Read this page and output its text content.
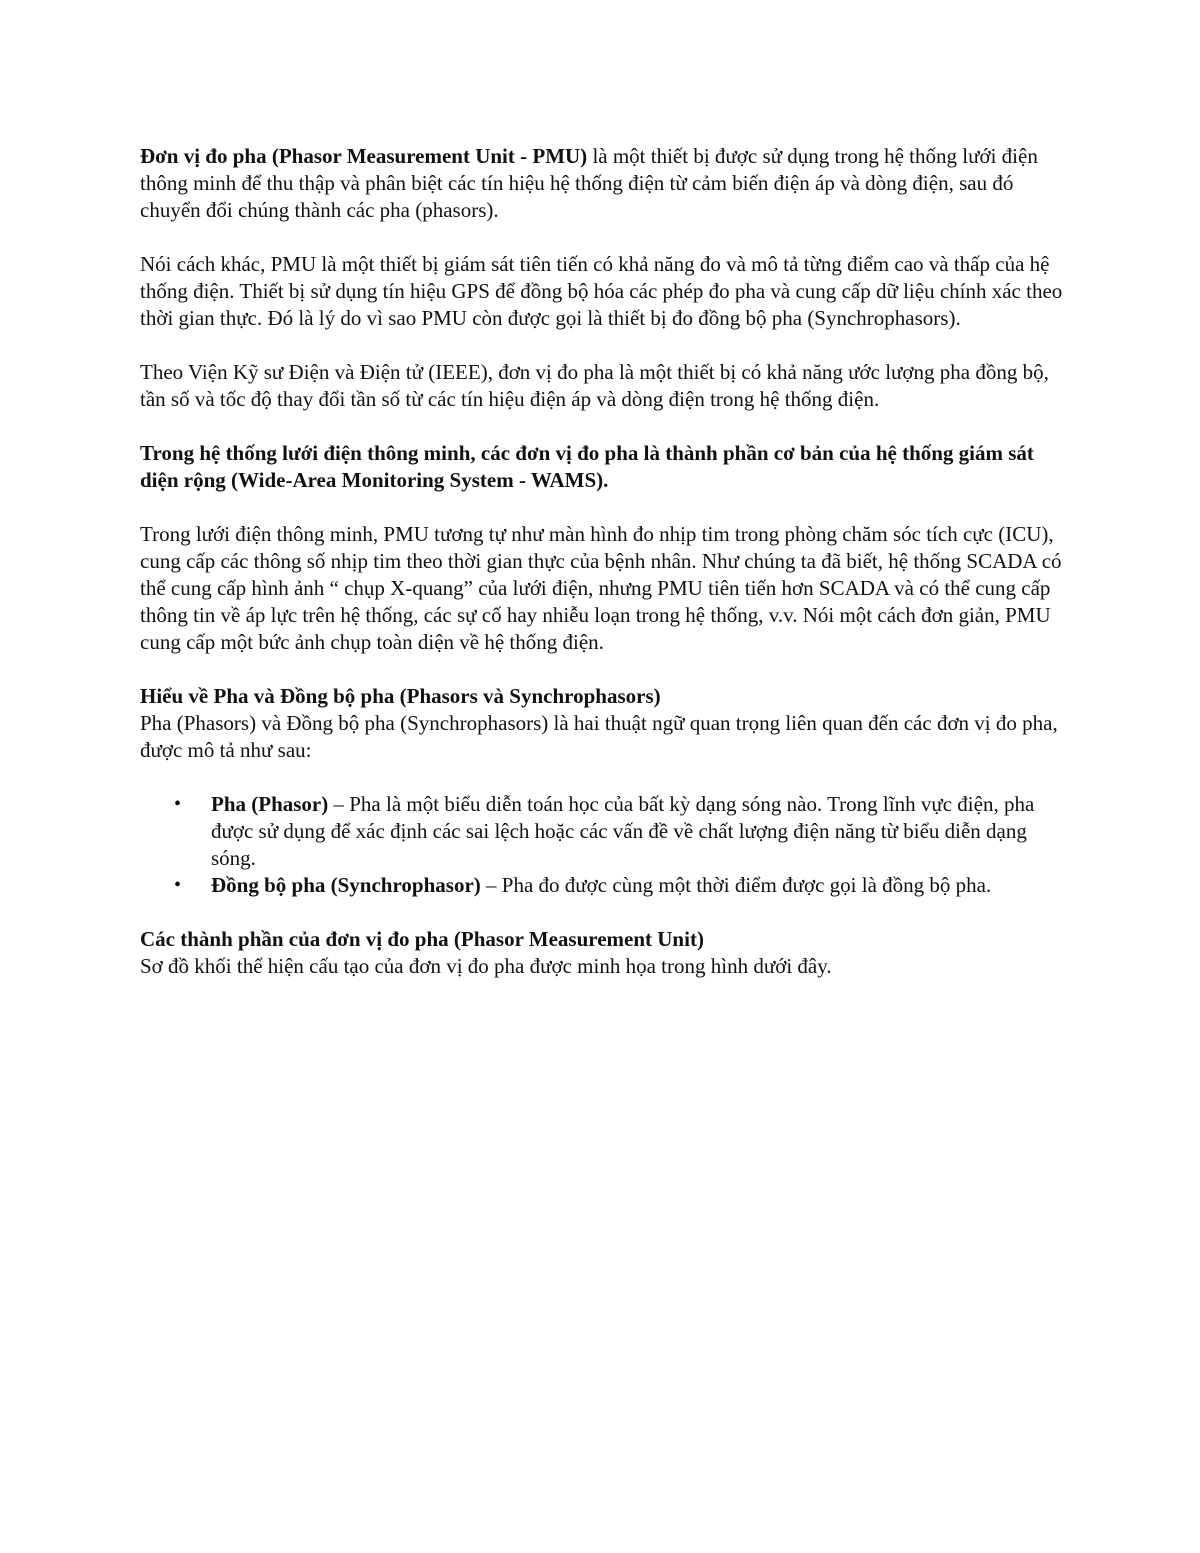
Đơn vị đo pha (Phasor Measurement Unit - PMU) là một thiết bị được sử dụng trong hệ thống lưới điện thông minh để thu thập và phân biệt các tín hiệu hệ thống điện từ cảm biến điện áp và dòng điện, sau đó chuyển đổi chúng thành các pha (phasors).

Nói cách khác, PMU là một thiết bị giám sát tiên tiến có khả năng đo và mô tả từng điểm cao và thấp của hệ thống điện. Thiết bị sử dụng tín hiệu GPS để đồng bộ hóa các phép đo pha và cung cấp dữ liệu chính xác theo thời gian thực. Đó là lý do vì sao PMU còn được gọi là thiết bị đo đồng bộ pha (Synchrophasors).

Theo Viện Kỹ sư Điện và Điện tử (IEEE), đơn vị đo pha là một thiết bị có khả năng ước lượng pha đồng bộ, tần số và tốc độ thay đổi tần số từ các tín hiệu điện áp và dòng điện trong hệ thống điện.

Trong hệ thống lưới điện thông minh, các đơn vị đo pha là thành phần cơ bản của hệ thống giám sát diện rộng (Wide-Area Monitoring System - WAMS).

Trong lưới điện thông minh, PMU tương tự như màn hình đo nhịp tim trong phòng chăm sóc tích cực (ICU), cung cấp các thông số nhịp tim theo thời gian thực của bệnh nhân. Như chúng ta đã biết, hệ thống SCADA có thể cung cấp hình ảnh “ chụp X-quang” của lưới điện, nhưng PMU tiên tiến hơn SCADA và có thể cung cấp thông tin về áp lực trên hệ thống, các sự cố hay nhiễu loạn trong hệ thống, v.v. Nói một cách đơn giản, PMU cung cấp một bức ảnh chụp toàn diện về hệ thống điện.

Hiểu về Pha và Đồng bộ pha (Phasors và Synchrophasors)

Pha (Phasors) và Đồng bộ pha (Synchrophasors) là hai thuật ngữ quan trọng liên quan đến các đơn vị đo pha, được mô tả như sau:

• Pha (Phasor) – Pha là một biểu diễn toán học của bất kỳ dạng sóng nào. Trong lĩnh vực điện, pha được sử dụng để xác định các sai lệch hoặc các vấn đề về chất lượng điện năng từ biểu diễn dạng sóng.
• Đồng bộ pha (Synchrophasor) – Pha đo được cùng một thời điểm được gọi là đồng bộ pha.

Các thành phần của đơn vị đo pha (Phasor Measurement Unit)

Sơ đồ khối thể hiện cấu tạo của đơn vị đo pha được minh họa trong hình dưới đây.
